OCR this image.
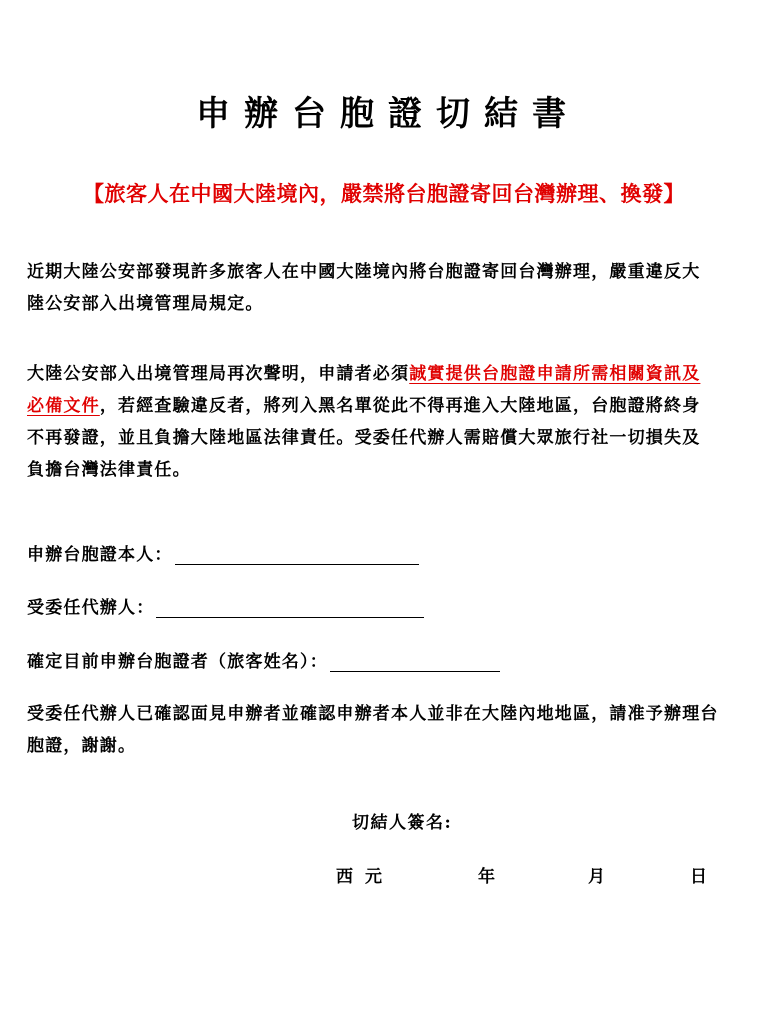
申辦台胞證切結書
【旅客人在中國大陸境內，嚴禁將台胞證寄回台灣辦理、換發】
近期大陸公安部發現許多旅客人在中國大陸境內將台胞證寄回台灣辦理，嚴重違反大陸公安部入出境管理局規定。
大陸公安部入出境管理局再次聲明，申請者必須誠實提供台胞證申請所需相關資訊及必備文件，若經查驗違反者，將列入黑名單從此不得再進入大陸地區，台胞證將終身不再發證，並且負擔大陸地區法律責任。受委任代辦人需賠償大眾旅行社一切損失及負擔台灣法律責任。
申辦台胞證本人：
受委任代辦人：
確定目前申辦台胞證者（旅客姓名）：
受委任代辦人已確認面見申辦者並確認申辦者本人並非在大陸內地地區，請准予辦理台胞證，謝謝。
切結人簽名:
西元	年	月	日
